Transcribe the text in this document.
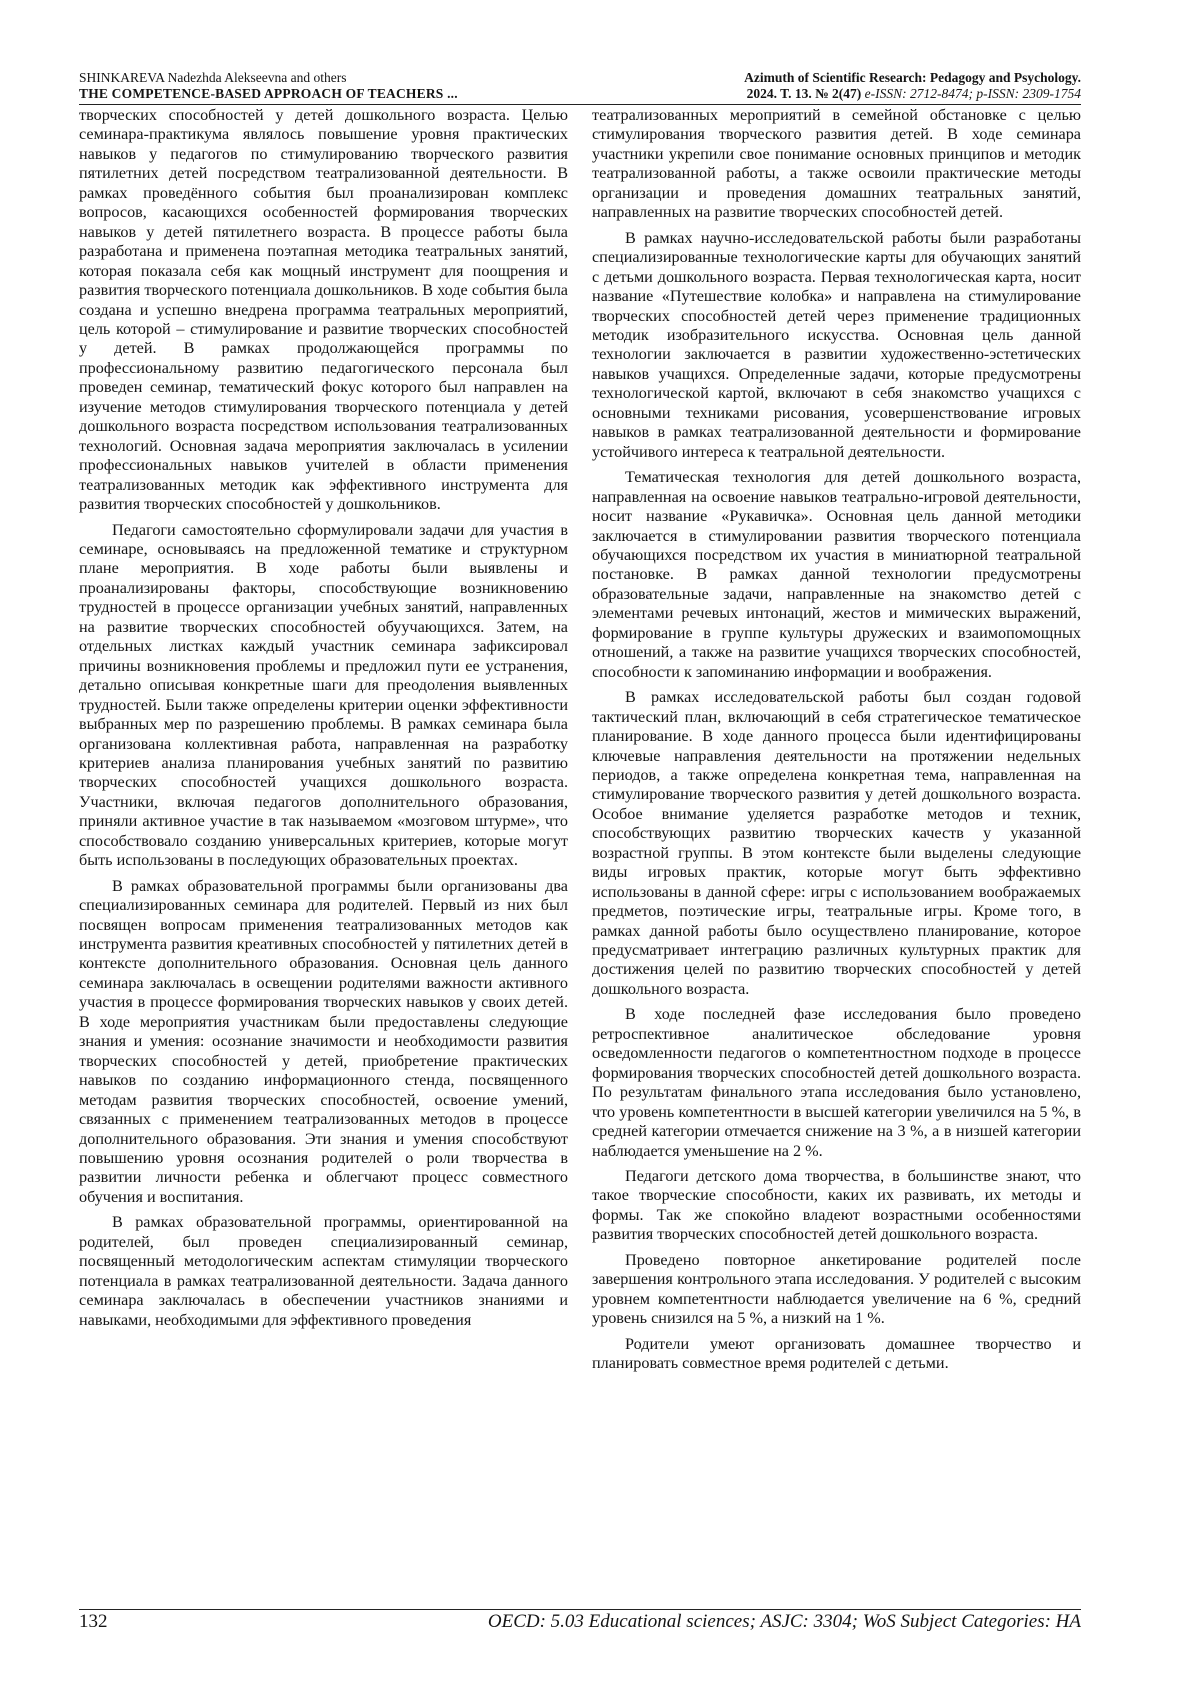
SHINKAREVA Nadezhda Alekseevna and others
THE COMPETENCE-BASED APPROACH OF TEACHERS ...
Azimuth of Scientific Research: Pedagogy and Psychology.
2024. T. 13. № 2(47) e-ISSN: 2712-8474; p-ISSN: 2309-1754

творческих способностей у детей дошкольного возраста. Целью семинара-практикума являлось повышение уровня практических навыков у педагогов по стимулированию творческого развития пятилетних детей посредством театрализованной деятельности. В рамках проведённого события был проанализирован комплекс вопросов, касающихся особенностей формирования творческих навыков у детей пятилетнего возраста. В процессе работы была разработана и применена поэтапная методика театральных занятий, которая показала себя как мощный инструмент для поощрения и развития творческого потенциала дошкольников. В ходе события была создана и успешно внедрена программа театральных мероприятий, цель которой – стимулирование и развитие творческих способностей у детей. В рамках продолжающейся программы по профессиональному развитию педагогического персонала был проведен семинар, тематический фокус которого был направлен на изучение методов стимулирования творческого потенциала у детей дошкольного возраста посредством использования театрализованных технологий. Основная задача мероприятия заключалась в усилении профессиональных навыков учителей в области применения театрализованных методик как эффективного инструмента для развития творческих способностей у дошкольников.

Педагоги самостоятельно сформулировали задачи для участия в семинаре, основываясь на предложенной тематике и структурном плане мероприятия. В ходе работы были выявлены и проанализированы факторы, способствующие возникновению трудностей в процессе организации учебных занятий, направленных на развитие творческих способностей обуучающихся. Затем, на отдельных листках каждый участник семинара зафиксировал причины возникновения проблемы и предложил пути ее устранения, детально описывая конкретные шаги для преодоления выявленных трудностей. Были также определены критерии оценки эффективности выбранных мер по разрешению проблемы. В рамках семинара была организована коллективная работа, направленная на разработку критериев анализа планирования учебных занятий по развитию творческих способностей учащихся дошкольного возраста. Участники, включая педагогов дополнительного образования, приняли активное участие в так называемом «мозговом штурме», что способствовало созданию универсальных критериев, которые могут быть использованы в последующих образовательных проектах.

В рамках образовательной программы были организованы два специализированных семинара для родителей. Первый из них был посвящен вопросам применения театрализованных методов как инструмента развития креативных способностей у пятилетних детей в контексте дополнительного образования. Основная цель данного семинара заключалась в освещении родителями важности активного участия в процессе формирования творческих навыков у своих детей. В ходе мероприятия участникам были предоставлены следующие знания и умения: осознание значимости и необходимости развития творческих способностей у детей, приобретение практических навыков по созданию информационного стенда, посвященного методам развития творческих способностей, освоение умений, связанных с применением театрализованных методов в процессе дополнительного образования. Эти знания и умения способствуют повышению уровня осознания родителей о роли творчества в развитии личности ребенка и облегчают процесс совместного обучения и воспитания.

В рамках образовательной программы, ориентированной на родителей, был проведен специализированный семинар, посвященный методологическим аспектам стимуляции творческого потенциала в рамках театрализованной деятельности. Задача данного семинара заключалась в обеспечении участников знаниями и навыками, необходимыми для эффективного проведения

театрализованных мероприятий в семейной обстановке с целью стимулирования творческого развития детей. В ходе семинара участники укрепили свое понимание основных принципов и методик театрализованной работы, а также освоили практические методы организации и проведения домашних театральных занятий, направленных на развитие творческих способностей детей.

В рамках научно-исследовательской работы были разработаны специализированные технологические карты для обучающих занятий с детьми дошкольного возраста. Первая технологическая карта, носит название «Путешествие колобка» и направлена на стимулирование творческих способностей детей через применение традиционных методик изобразительного искусства. Основная цель данной технологии заключается в развитии художественно-эстетических навыков учащихся. Определенные задачи, которые предусмотрены технологической картой, включают в себя знакомство учащихся с основными техниками рисования, усовершенствование игровых навыков в рамках театрализованной деятельности и формирование устойчивого интереса к театральной деятельности.

Тематическая технология для детей дошкольного возраста, направленная на освоение навыков театрально-игровой деятельности, носит название «Рукавичка». Основная цель данной методики заключается в стимулировании развития творческого потенциала обучающихся посредством их участия в миниатюрной театральной постановке. В рамках данной технологии предусмотрены образовательные задачи, направленные на знакомство детей с элементами речевых интонаций, жестов и мимических выражений, формирование в группе культуры дружеских и взаимопомощных отношений, а также на развитие учащихся творческих способностей, способности к запоминанию информации и воображения.

В рамках исследовательской работы был создан годовой тактический план, включающий в себя стратегическое тематическое планирование. В ходе данного процесса были идентифицированы ключевые направления деятельности на протяжении недельных периодов, а также определена конкретная тема, направленная на стимулирование творческого развития у детей дошкольного возраста. Особое внимание уделяется разработке методов и техник, способствующих развитию творческих качеств у указанной возрастной группы. В этом контексте были выделены следующие виды игровых практик, которые могут быть эффективно использованы в данной сфере: игры с использованием воображаемых предметов, поэтические игры, театральные игры. Кроме того, в рамках данной работы было осуществлено планирование, которое предусматривает интеграцию различных культурных практик для достижения целей по развитию творческих способностей у детей дошкольного возраста.

В ходе последней фазе исследования было проведено ретроспективное аналитическое обследование уровня осведомленности педагогов о компетентностном подходе в процессе формирования творческих способностей детей дошкольного возраста. По результатам финального этапа исследования было установлено, что уровень компетентности в высшей категории увеличился на 5 %, в средней категории отмечается снижение на 3 %, а в низшей категории наблюдается уменьшение на 2 %.

Педагоги детского дома творчества, в большинстве знают, что такое творческие способности, каких их развивать, их методы и формы. Так же спокойно владеют возрастными особенностями развития творческих способностей детей дошкольного возраста.

Проведено повторное анкетирование родителей после завершения контрольного этапа исследования. У родителей с высоким уровнем компетентности наблюдается увеличение на 6 %, средний уровень снизился на 5 %, а низкий на 1 %.

Родители умеют организовать домашнее творчество и планировать совместное время родителей с детьми.

132	OECD: 5.03 Educational sciences; ASJC: 3304; WoS Subject Categories: HA
